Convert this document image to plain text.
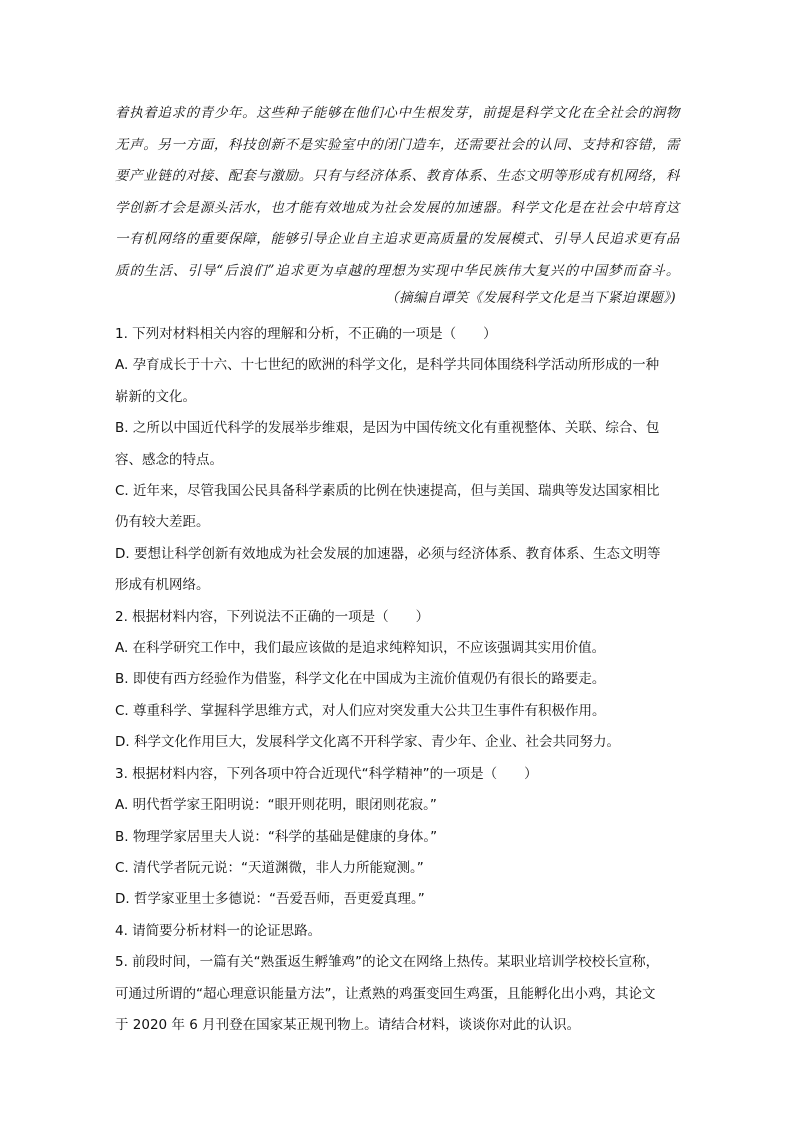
着执着追求的青少年。这些种子能够在他们心中生根发芽，前提是科学文化在全社会的润物
无声。另一方面，科技创新不是实验室中的闭门造车，还需要社会的认同、支持和容错，需
要产业链的对接、配套与激励。只有与经济体系、教育体系、生态文明等形成有机网络，科
学创新才会是源头活水，也才能有效地成为社会发展的加速器。科学文化是在社会中培育这
一有机网络的重要保障，能够引导企业自主追求更高质量的发展模式、引导人民追求更有品
质的生活、引导“后浪们”追求更为卓越的理想为实现中华民族伟大复兴的中国梦而奋斗。
（摘编自谭笑《发展科学文化是当下紧迫课题》)
1. 下列对材料相关内容的理解和分析，不正确的一项是（　　）
A. 孕育成长于十六、十七世纪的欧洲的科学文化，是科学共同体围绕科学活动所形成的一种
崭新的文化。
B. 之所以中国近代科学的发展举步维艰，是因为中国传统文化有重视整体、关联、综合、包
容、感念的特点。
C. 近年来，尽管我国公民具备科学素质的比例在快速提高，但与美国、瑞典等发达国家相比
仍有较大差距。
D. 要想让科学创新有效地成为社会发展的加速器，必须与经济体系、教育体系、生态文明等
形成有机网络。
2. 根据材料内容，下列说法不正确的一项是（　　）
A. 在科学研究工作中，我们最应该做的是追求纯粹知识，不应该强调其实用价值。
B. 即使有西方经验作为借鉴，科学文化在中国成为主流价值观仍有很长的路要走。
C. 尊重科学、掌握科学思维方式，对人们应对突发重大公共卫生事件有积极作用。
D. 科学文化作用巨大，发展科学文化离不开科学家、青少年、企业、社会共同努力。
3. 根据材料内容，下列各项中符合近现代“科学精神”的一项是（　　）
A. 明代哲学家王阳明说：“眼开则花明，眼闭则花寂。”
B. 物理学家居里夫人说：“科学的基础是健康的身体。”
C. 清代学者阮元说：“天道渊微，非人力所能窥测。”
D. 哲学家亚里士多德说：“吾爱吾师，吾更爱真理。”
4. 请简要分析材料一的论证思路。
5. 前段时间，一篇有关“熟蛋返生孵雏鸡”的论文在网络上热传。某职业培训学校校长宣称，
可通过所谓的“超心理意识能量方法”，让煮熟的鸡蛋变回生鸡蛋，且能孵化出小鸡，其论文
于 2020 年 6 月刊登在国家某正规刊物上。请结合材料，谈谈你对此的认识。
